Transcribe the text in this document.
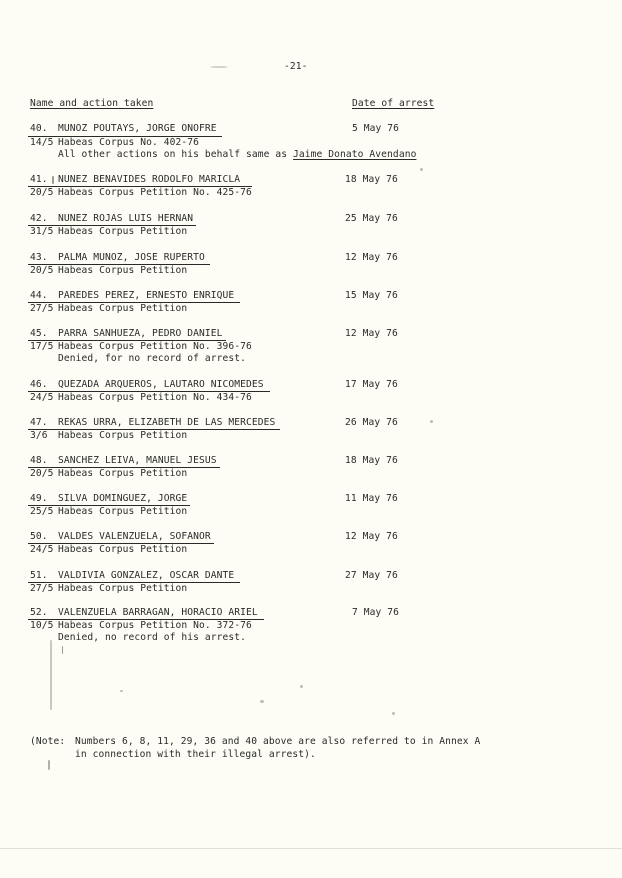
-21-
Name and action taken	Date of arrest
40. MUNOZ POUTAYS, JORGE ONOFRE	5 May 76
14/5 Habeas Corpus No. 402-76
All other actions on his behalf same as Jaime Donato Avendano
41. NUNEZ BENAVIDES RODOLFO MARICLA	18 May 76
20/5 Habeas Corpus Petition No. 425-76
42. NUNEZ ROJAS LUIS HERNAN	25 May 76
31/5 Habeas Corpus Petition
43. PALMA MUNOZ, JOSE RUPERTO	12 May 76
20/5 Habeas Corpus Petition
44. PAREDES PEREZ, ERNESTO ENRIQUE	15 May 76
27/5 Habeas Corpus Petition
45. PARRA SANHUEZA, PEDRO DANIEL	12 May 76
17/5 Habeas Corpus Petition No. 396-76
Denied, for no record of arrest.
46. QUEZADA ARQUEROS, LAUTARO NICOMEDES	17 May 76
24/5 Habeas Corpus Petition No. 434-76
47. REKAS URRA, ELIZABETH DE LAS MERCEDES	26 May 76
3/6 Habeas Corpus Petition
48. SANCHEZ LEIVA, MANUEL JESUS	18 May 76
20/5 Habeas Corpus Petition
49. SILVA DOMINGUEZ, JORGE	11 May 76
25/5 Habeas Corpus Petition
50. VALDES VALENZUELA, SOFANOR	12 May 76
24/5 Habeas Corpus Petition
51. VALDIVIA GONZALEZ, OSCAR DANTE	27 May 76
27/5 Habeas Corpus Petition
52. VALENZUELA BARRAGAN, HORACIO ARIEL	7 May 76
10/5 Habeas Corpus Petition No. 372-76
Denied, no record of his arrest.
(Note: Numbers 6, 8, 11, 29, 36 and 40 above are also referred to in Annex A
in connection with their illegal arrest).
